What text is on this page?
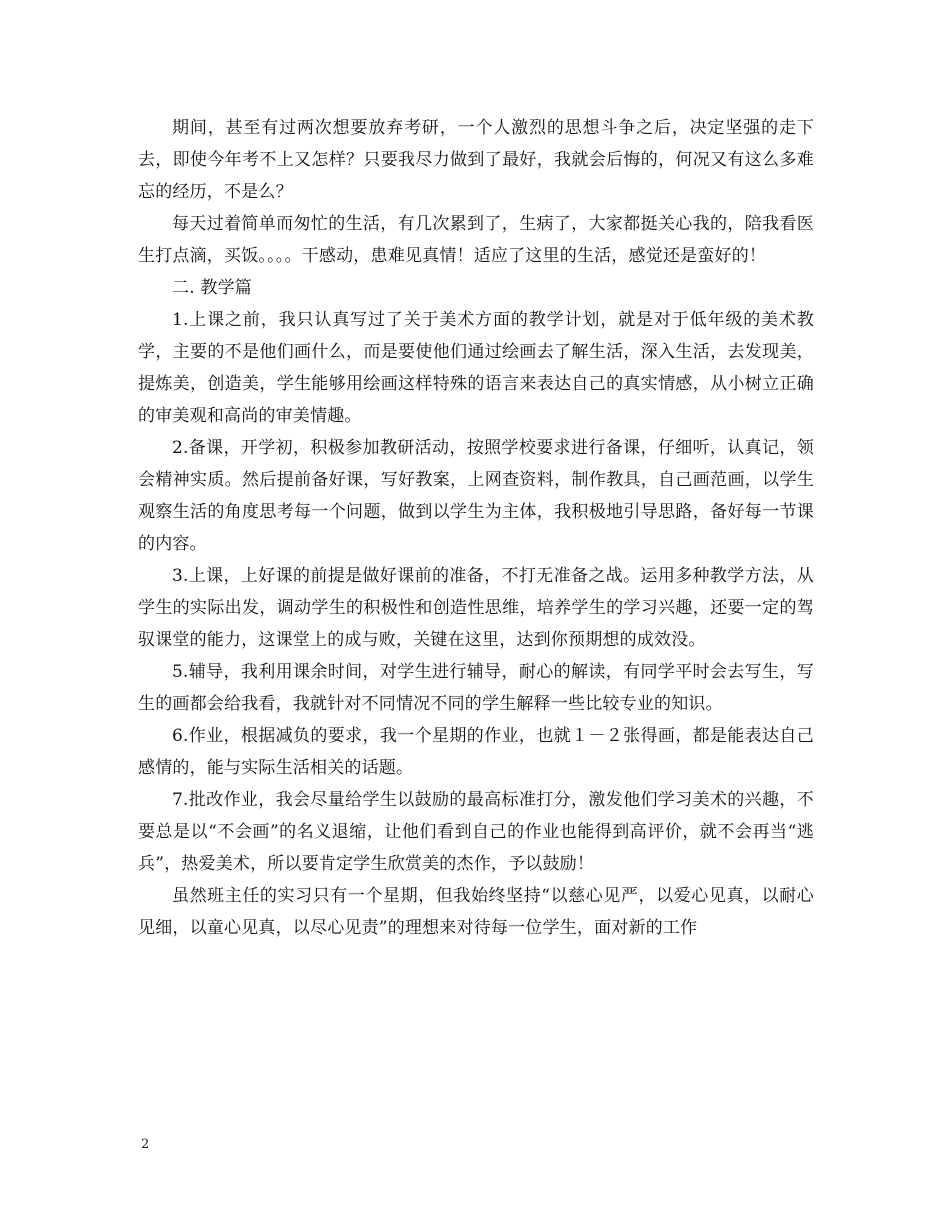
期间，甚至有过两次想要放弃考研，一个人激烈的思想斗争之后，决定坚强的走下去，即使今年考不上又怎样？只要我尽力做到了最好，我就会后悔的，何况又有这么多难忘的经历，不是么？

每天过着简单而匆忙的生活，有几次累到了，生病了，大家都挺关心我的，陪我看医生打点滴，买饭。。。。干感动，患难见真情！适应了这里的生活，感觉还是蛮好的！

二. 教学篇

1.上课之前，我只认真写过了关于美术方面的教学计划，就是对于低年级的美术教学，主要的不是他们画什么，而是要使他们通过绘画去了解生活，深入生活，去发现美，提炼美，创造美，学生能够用绘画这样特殊的语言来表达自己的真实情感，从小树立正确的审美观和高尚的审美情趣。

2.备课，开学初，积极参加教研活动，按照学校要求进行备课，仔细听，认真记，领会精神实质。然后提前备好课，写好教案，上网查资料，制作教具，自己画范画，以学生观察生活的角度思考每一个问题，做到以学生为主体，我积极地引导思路，备好每一节课的内容。

3.上课，上好课的前提是做好课前的准备，不打无准备之战。运用多种教学方法，从学生的实际出发，调动学生的积极性和创造性思维，培养学生的学习兴趣，还要一定的驾驭课堂的能力，这课堂上的成与败，关键在这里，达到你预期想的成效没。

5.辅导，我利用课余时间，对学生进行辅导，耐心的解读，有同学平时会去写生，写生的画都会给我看，我就针对不同情况不同的学生解释一些比较专业的知识。

6.作业，根据减负的要求，我一个星期的作业，也就１－２张得画，都是能表达自己感情的，能与实际生活相关的话题。

7.批改作业，我会尽量给学生以鼓励的最高标准打分，激发他们学习美术的兴趣，不要总是以“不会画”的名义退缩，让他们看到自己的作业也能得到高评价，就不会再当“逃兵”，热爱美术，所以要肯定学生欣赏美的杰作，予以鼓励！

虽然班主任的实习只有一个星期，但我始终坚持“以慈心见严，以爱心见真，以耐心见细，以童心见真，以尽心见责”的理想来对待每一位学生，面对新的工作

2
